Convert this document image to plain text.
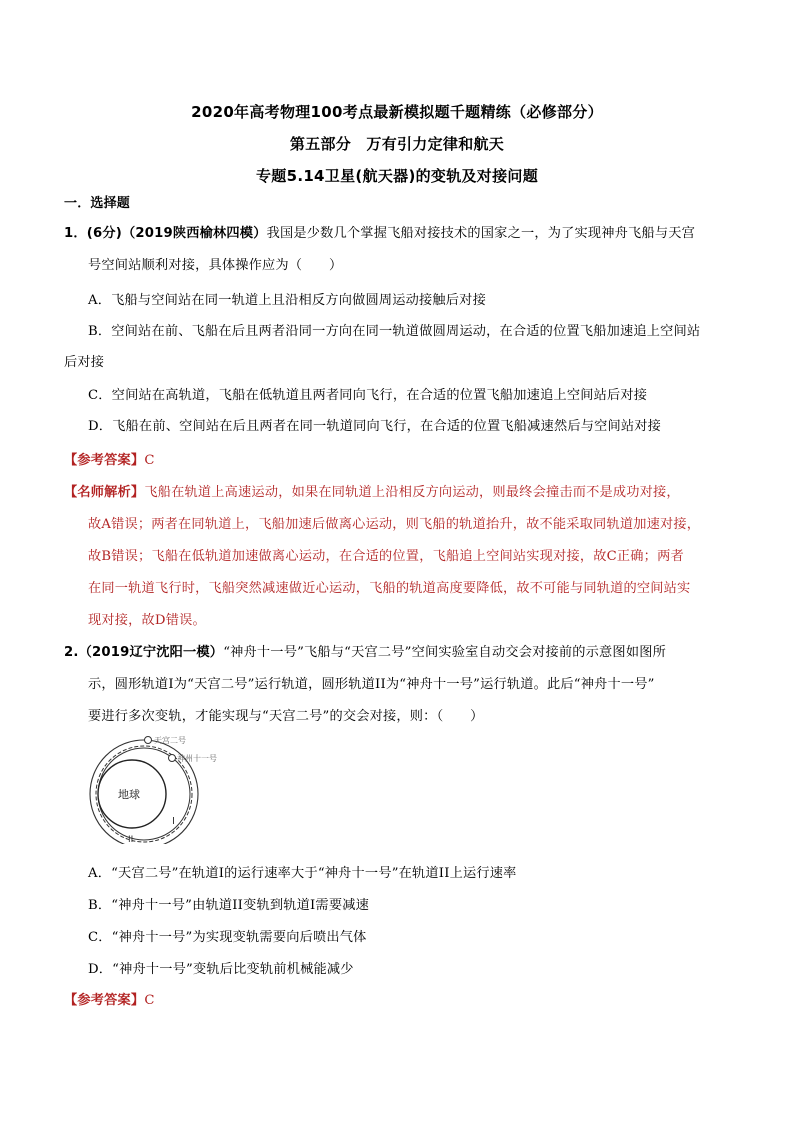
2020年高考物理100考点最新模拟题千题精练（必修部分）
第五部分　万有引力定律和航天
专题5.14卫星(航天器)的变轨及对接问题
一．选择题
1．(6分)（2019陕西榆林四模）我国是少数几个掌握飞船对接技术的国家之一，为了实现神舟飞船与天宫
号空间站顺利对接，具体操作应为（　　）
A．飞船与空间站在同一轨道上且沿相反方向做圆周运动接触后对接
B．空间站在前、飞船在后且两者沿同一方向在同一轨道做圆周运动，在合适的位置飞船加速追上空间站
后对接
C．空间站在高轨道，飞船在低轨道且两者同向飞行，在合适的位置飞船加速追上空间站后对接
D．飞船在前、空间站在后且两者在同一轨道同向飞行，在合适的位置飞船减速然后与空间站对接
【参考答案】C
【名师解析】飞船在轨道上高速运动，如果在同轨道上沿相反方向运动，则最终会撞击而不是成功对接，
故A错误；两者在同轨道上，飞船加速后做离心运动，则飞船的轨道抬升，故不能采取同轨道加速对接，
故B错误；飞船在低轨道加速做离心运动，在合适的位置，飞船追上空间站实现对接，故C正确；两者
在同一轨道飞行时，飞船突然减速做近心运动，飞船的轨道高度要降低，故不可能与同轨道的空间站实
现对接，故D错误。
2.（2019辽宁沈阳一模）“神舟十一号”飞船与“天宫二号”空间实验室自动交会对接前的示意图如图所
示，圆形轨道I为“天宫二号”运行轨道，圆形轨道II为“神舟十一号”运行轨道。此后“神舟十一号”
要进行多次变轨，才能实现与“天宫二号”的交会对接，则：（　　）
地球
天宫二号
神州十一号
I
II
A．“天宫二号”在轨道I的运行速率大于“神舟十一号”在轨道II上运行速率
B．“神舟十一号”由轨道II变轨到轨道I需要减速
C．“神舟十一号”为实现变轨需要向后喷出气体
D．“神舟十一号”变轨后比变轨前机械能减少
【参考答案】C
